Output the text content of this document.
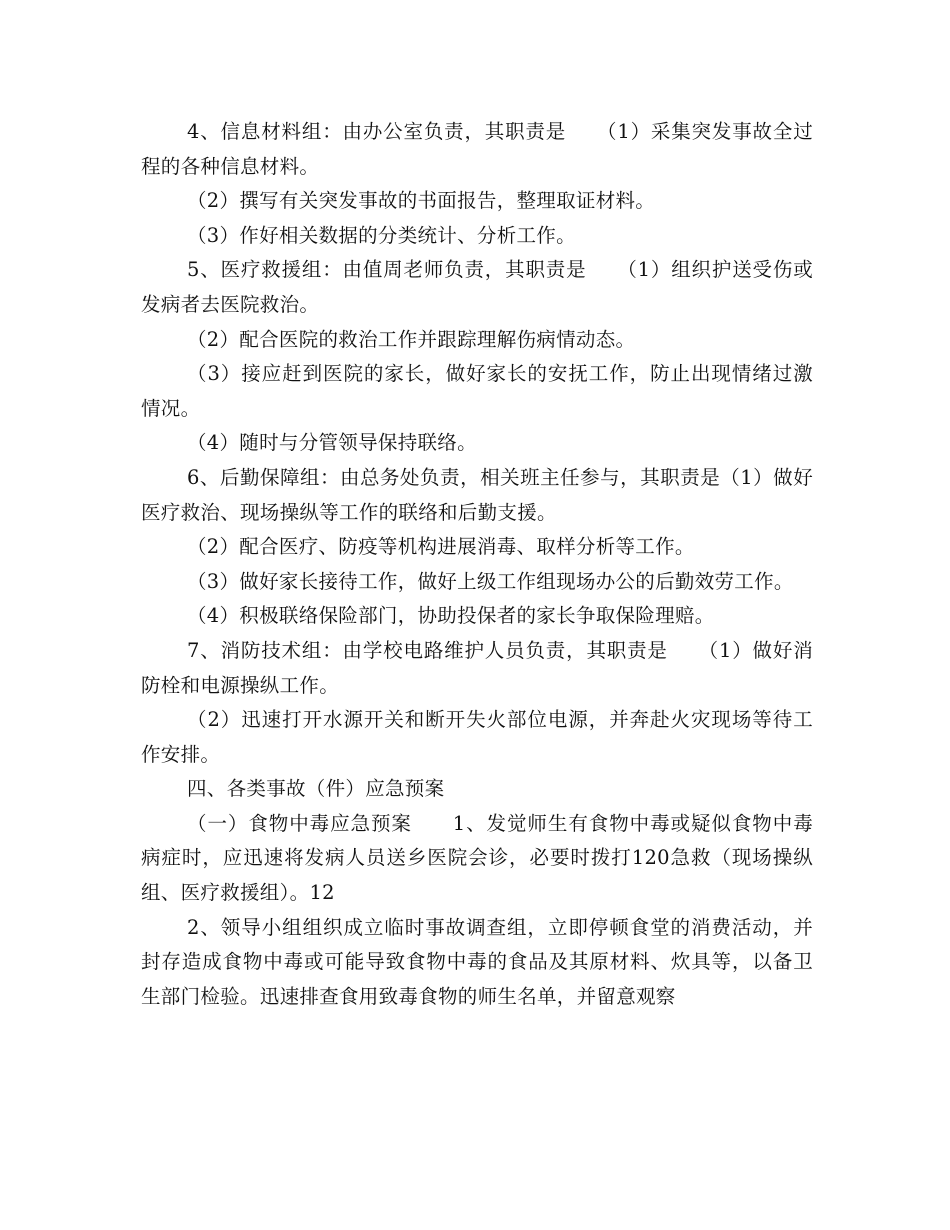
4、信息材料组：由办公室负责，其职责是　　（1）采集突发事故全过程的各种信息材料。

（2）撰写有关突发事故的书面报告，整理取证材料。

（3）作好相关数据的分类统计、分析工作。

5、医疗救援组：由值周老师负责，其职责是　　（1）组织护送受伤或发病者去医院救治。

（2）配合医院的救治工作并跟踪理解伤病情动态。

（3）接应赶到医院的家长，做好家长的安抚工作，防止出现情绪过激情况。

（4）随时与分管领导保持联络。

6、后勤保障组：由总务处负责，相关班主任参与，其职责是（1）做好医疗救治、现场操纵等工作的联络和后勤支援。

（2）配合医疗、防疫等机构进展消毒、取样分析等工作。

（3）做好家长接待工作，做好上级工作组现场办公的后勤效劳工作。

（4）积极联络保险部门，协助投保者的家长争取保险理赔。

7、消防技术组：由学校电路维护人员负责，其职责是　　（1）做好消防栓和电源操纵工作。

（2）迅速打开水源开关和断开失火部位电源，并奔赴火灾现场等待工作安排。

四、各类事故（件）应急预案

（一）食物中毒应急预案　　1、发觉师生有食物中毒或疑似食物中毒病症时，应迅速将发病人员送乡医院会诊，必要时拨打120急救（现场操纵组、医疗救援组）。12

2、领导小组组织成立临时事故调查组，立即停顿食堂的消费活动，并封存造成食物中毒或可能导致食物中毒的食品及其原材料、炊具等，以备卫生部门检验。迅速排查食用致毒食物的师生名单，并留意观察
